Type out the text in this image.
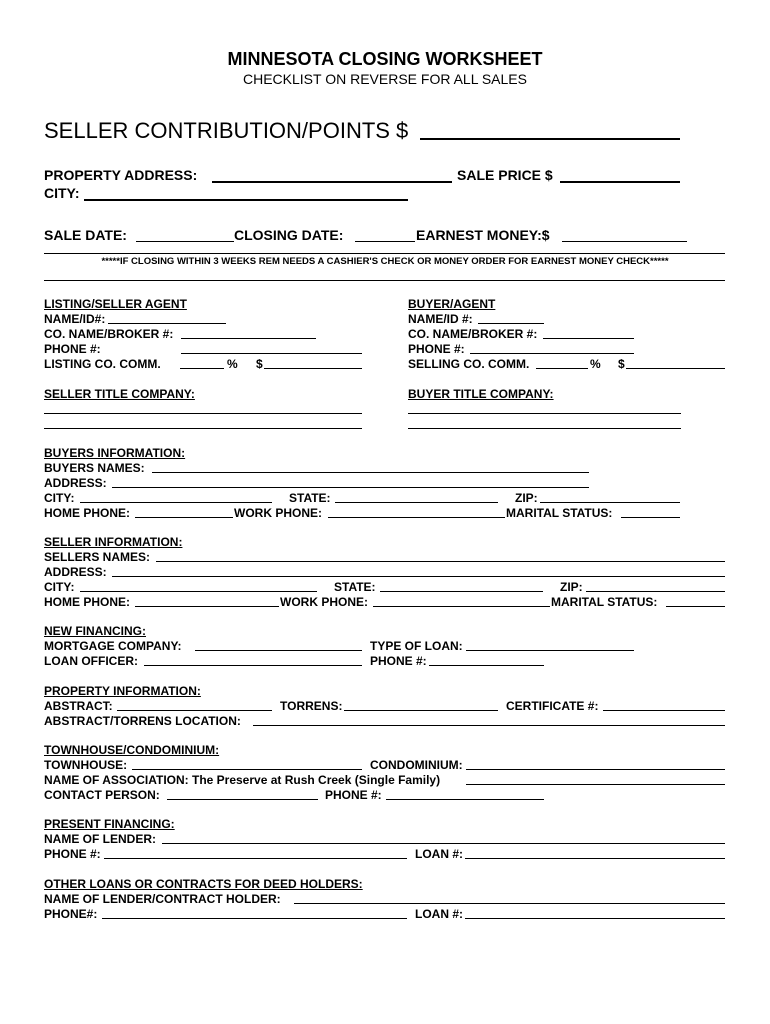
MINNESOTA CLOSING WORKSHEET
CHECKLIST ON REVERSE FOR ALL SALES
SELLER CONTRIBUTION/POINTS $
PROPERTY ADDRESS:	SALE PRICE $
CITY:
SALE DATE:	CLOSING DATE:	EARNEST MONEY:$
*****IF CLOSING WITHIN 3 WEEKS REM NEEDS A CASHIER'S CHECK OR MONEY ORDER FOR EARNEST MONEY CHECK*****
LISTING/SELLER AGENT
NAME/ID#:
CO. NAME/BROKER #:
PHONE #:
LISTING CO. COMM.	% $
BUYER/AGENT
NAME/ID #:
CO. NAME/BROKER #:
PHONE #:
SELLING CO. COMM.	% $
SELLER TITLE COMPANY:	BUYER TITLE COMPANY:
BUYERS INFORMATION:
BUYERS NAMES:
ADDRESS:
CITY:	STATE:	ZIP:
HOME PHONE:	WORK PHONE:	MARITAL STATUS:
SELLER INFORMATION:
SELLERS NAMES:
ADDRESS:
CITY:	STATE:	ZIP:
HOME PHONE:	WORK PHONE:	MARITAL STATUS:
NEW FINANCING:
MORTGAGE COMPANY:	TYPE OF LOAN:
LOAN OFFICER:	PHONE #:
PROPERTY INFORMATION:
ABSTRACT:	TORRENS:	CERTIFICATE #:
ABSTRACT/TORRENS LOCATION:
TOWNHOUSE/CONDOMINIUM:
TOWNHOUSE:	CONDOMINIUM:
NAME OF ASSOCIATION: The Preserve at Rush Creek (Single Family)
CONTACT PERSON:	PHONE #:
PRESENT FINANCING:
NAME OF LENDER:
PHONE #:	LOAN #:
OTHER LOANS OR CONTRACTS FOR DEED HOLDERS:
NAME OF LENDER/CONTRACT HOLDER:
PHONE#:	LOAN #:
